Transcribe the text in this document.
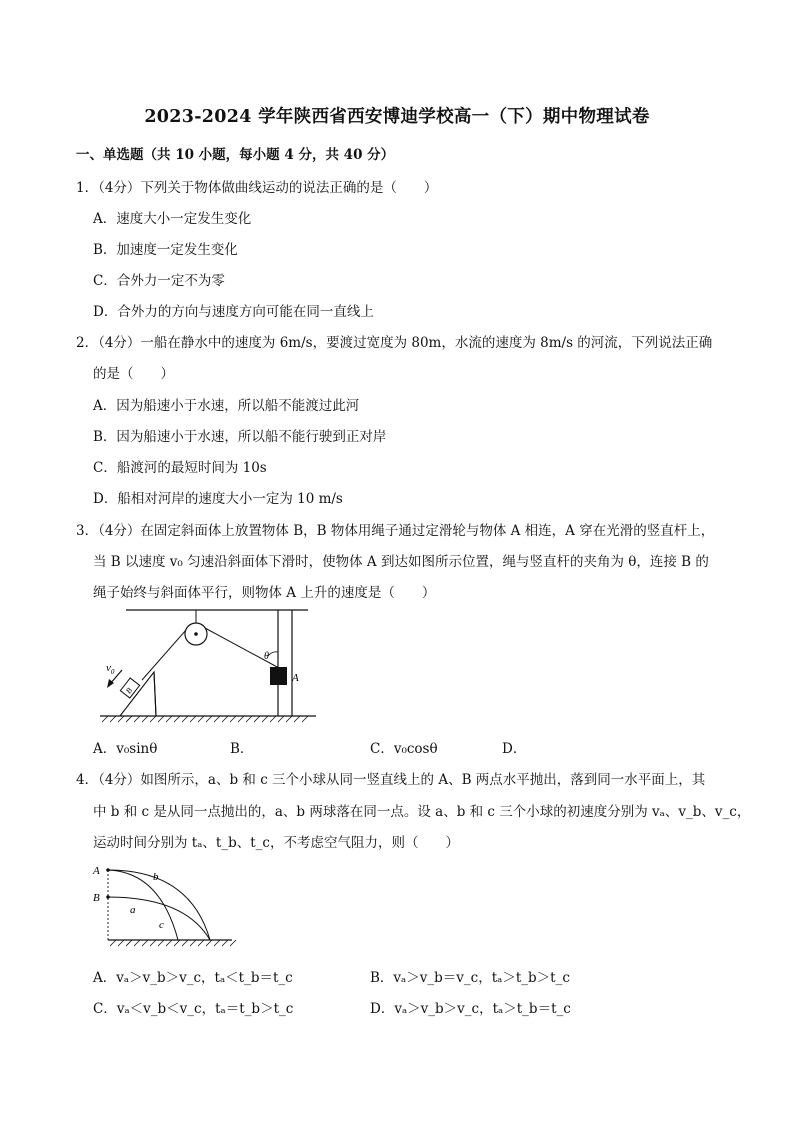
2023-2024 学年陕西省西安博迪学校高一（下）期中物理试卷
一、单选题（共 10 小题，每小题 4 分，共 40 分）
1．（4分）下列关于物体做曲线运动的说法正确的是（　　）
A．速度大小一定发生变化
B．加速度一定发生变化
C．合外力一定不为零
D．合外力的方向与速度方向可能在同一直线上
2．（4分）一船在静水中的速度为 6m/s，要渡过宽度为 80m，水流的速度为 8m/s 的河流，下列说法正确
的是（　　）
A．因为船速小于水速，所以船不能渡过此河
B．因为船速小于水速，所以船不能行驶到正对岸
C．船渡河的最短时间为 10s
D．船相对河岸的速度大小一定为 10 m/s
3．（4分）在固定斜面体上放置物体 B，B 物体用绳子通过定滑轮与物体 A 相连，A 穿在光滑的竖直杆上，
当 B 以速度 v₀ 匀速沿斜面体下滑时，使物体 A 到达如图所示位置，绳与竖直杆的夹角为 θ，连接 B 的
绳子始终与斜面体平行，则物体 A 上升的速度是（　　）
$v_0$
θ
A
B
A．v₀sinθ	B．	C．v₀cosθ	D．
4．（4分）如图所示，a、b 和 c 三个小球从同一竖直线上的 A、B 两点水平抛出，落到同一水平面上，其
中 b 和 c 是从同一点抛出的，a、b 两球落在同一点。设 a、b 和 c 三个小球的初速度分别为 vₐ、v_b、v_c，
运动时间分别为 tₐ、t_b、t_c，不考虑空气阻力，则（　　）
A
B
b
a
c
A．vₐ＞v_b＞v_c，tₐ＜t_b＝t_c	B．vₐ＞v_b＝v_c，tₐ＞t_b＞t_c
C．vₐ＜v_b＜v_c，tₐ＝t_b＞t_c	D．vₐ＞v_b＞v_c，tₐ＞t_b＝t_c
